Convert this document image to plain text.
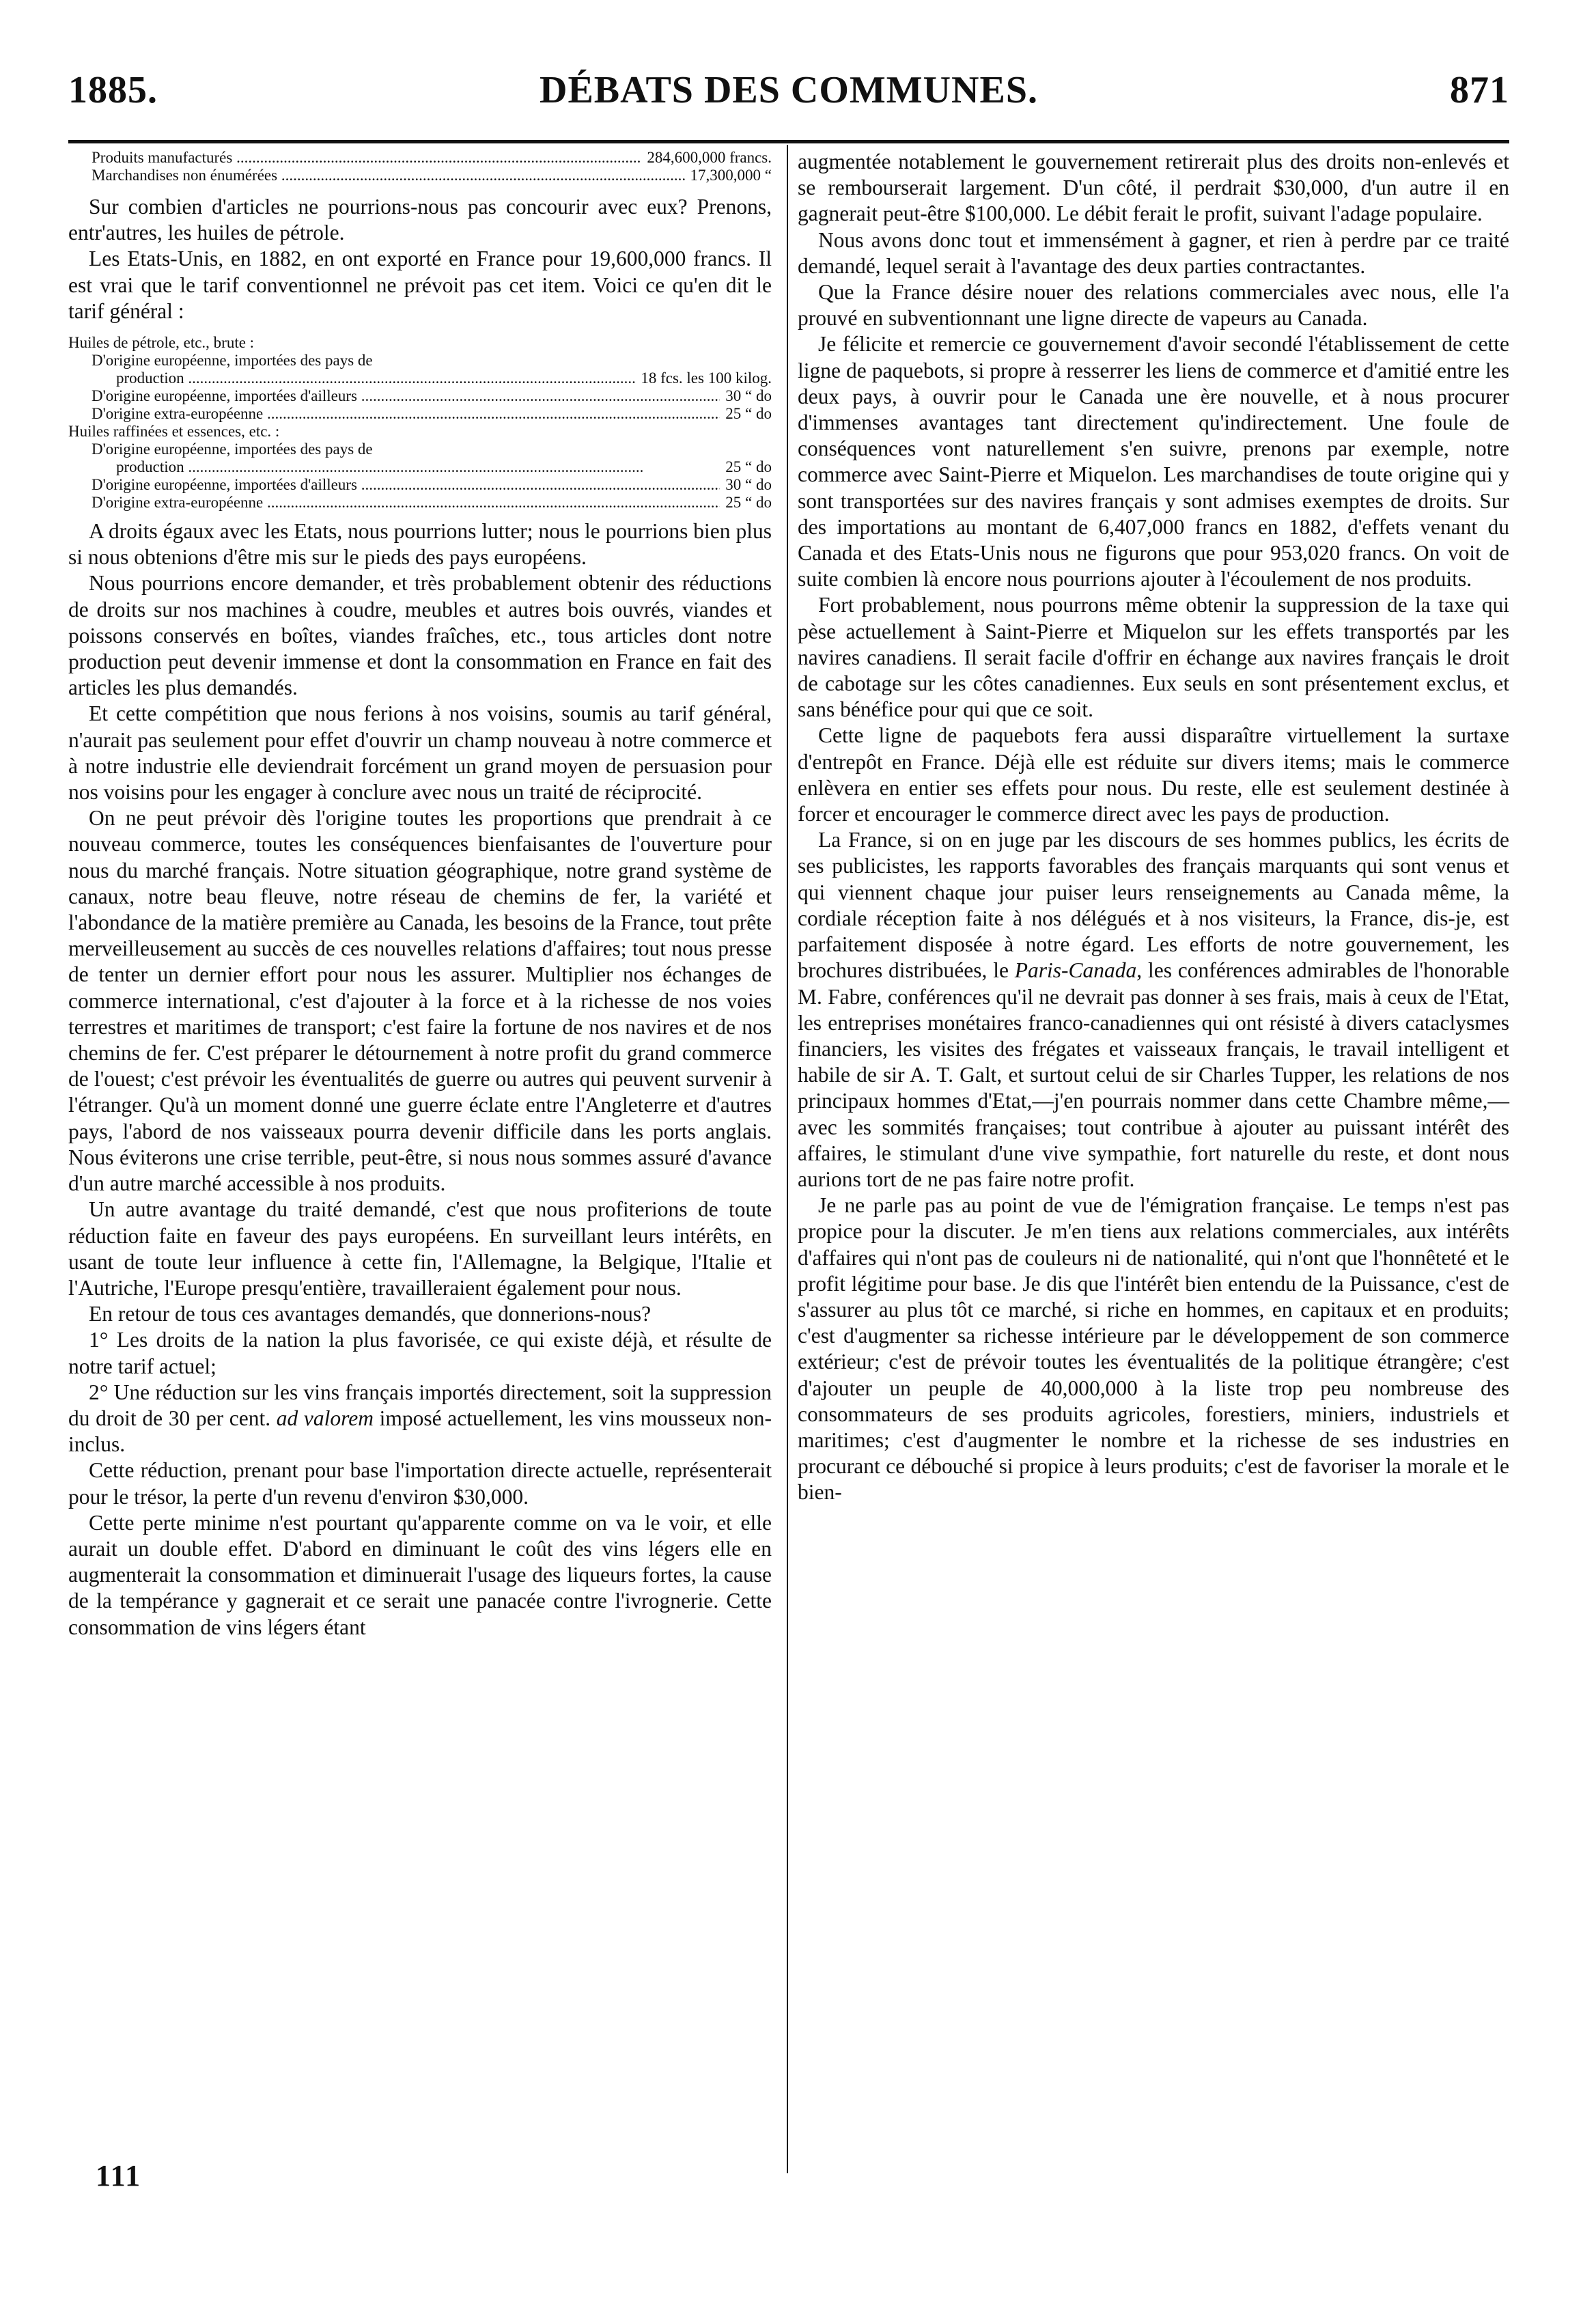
1885.	DÉBATS DES COMMUNES.	871
Produits manufacturés .....	284,600,000 francs.
Marchandises non énumérées .....	17,300,000 “

Sur combien d'articles ne pourrions-nous pas concourir avec eux? Prenons, entr'autres, les huiles de pétrole.

Les Etats-Unis, en 1882, en ont exporté en France pour 19,600,000 francs. Il est vrai que le tarif conventionnel ne prévoit pas cet item. Voici ce qu'en dit le tarif général :

Huiles de pétrole, etc., brute :
D'origine européenne, importées des pays de
production .....	18 fcs. les 100 kilog.
D'origine européenne, importées d'ailleurs .....	30 “ do
D'origine extra-européenne .....	25 “ do
Huiles raffinées et essences, etc. :
D'origine européenne, importées des pays de
production .....	25 “ do
D'origine européenne, importées d'ailleurs .....	30 “ do
D'origine extra-européenne .....	25 “ do

A droits égaux avec les Etats, nous pourrions lutter; nous le pourrions bien plus si nous obtenions d'être mis sur le pieds des pays européens.

Nous pourrions encore demander, et très probablement obtenir des réductions de droits sur nos machines à coudre, meubles et autres bois ouvrés, viandes et poissons conservés en boîtes, viandes fraîches, etc., tous articles dont notre production peut devenir immense et dont la consommation en France en fait des articles les plus demandés.

Et cette compétition que nous ferions à nos voisins, soumis au tarif général, n'aurait pas seulement pour effet d'ouvrir un champ nouveau à notre commerce et à notre industrie elle deviendrait forcément un grand moyen de persuasion pour nos voisins pour les engager à conclure avec nous un traité de réciprocité.

On ne peut prévoir dès l'origine toutes les proportions que prendrait à ce nouveau commerce, toutes les conséquences bienfaisantes de l'ouverture pour nous du marché français. Notre situation géographique, notre grand système de canaux, notre beau fleuve, notre réseau de chemins de fer, la variété et l'abondance de la matière première au Canada, les besoins de la France, tout prête merveilleusement au succès de ces nouvelles relations d'affaires; tout nous presse de tenter un dernier effort pour nous les assurer. Multiplier nos échanges de commerce international, c'est d'ajouter à la force et à la richesse de nos voies terrestres et maritimes de transport; c'est faire la fortune de nos navires et de nos chemins de fer. C'est préparer le détournement à notre profit du grand commerce de l'ouest; c'est prévoir les éventualités de guerre ou autres qui peuvent survenir à l'étranger. Qu'à un moment donné une guerre éclate entre l'Angleterre et d'autres pays, l'abord de nos vaisseaux pourra devenir difficile dans les ports anglais. Nous éviterons une crise terrible, peut-être, si nous nous sommes assuré d'avance d'un autre marché accessible à nos produits.

Un autre avantage du traité demandé, c'est que nous profiterions de toute réduction faite en faveur des pays européens. En surveillant leurs intérêts, en usant de toute leur influence à cette fin, l'Allemagne, la Belgique, l'Italie et l'Autriche, l'Europe presqu'entière, travailleraient également pour nous.

En retour de tous ces avantages demandés, que donnerions-nous?

1° Les droits de la nation la plus favorisée, ce qui existe déjà, et résulte de notre tarif actuel;

2° Une réduction sur les vins français importés directement, soit la suppression du droit de 30 per cent. ad valorem imposé actuellement, les vins mousseux non-inclus.

Cette réduction, prenant pour base l'importation directe actuelle, représenterait pour le trésor, la perte d'un revenu d'environ $30,000.

Cette perte minime n'est pourtant qu'apparente comme on va le voir, et elle aurait un double effet. D'abord en diminuant le coût des vins légers elle en augmenterait la consommation et diminuerait l'usage des liqueurs fortes, la cause de la tempérance y gagnerait et ce serait une panacée contre l'ivrognerie. Cette consommation de vins légers étant

111

augmentée notablement le gouvernement retirerait plus des droits non-enlevés et se rembourserait largement. D'un côté, il perdrait $30,000, d'un autre il en gagnerait peut-être $100,000. Le débit ferait le profit, suivant l'adage populaire.

Nous avons donc tout et immensément à gagner, et rien à perdre par ce traité demandé, lequel serait à l'avantage des deux parties contractantes.

Que la France désire nouer des relations commerciales avec nous, elle l'a prouvé en subventionnant une ligne directe de vapeurs au Canada.

Je félicite et remercie ce gouvernement d'avoir secondé l'établissement de cette ligne de paquebots, si propre à resserrer les liens de commerce et d'amitié entre les deux pays, à ouvrir pour le Canada une ère nouvelle, et à nous procurer d'immenses avantages tant directement qu'indirectement. Une foule de conséquences vont naturellement s'en suivre, prenons par exemple, notre commerce avec Saint-Pierre et Miquelon. Les marchandises de toute origine qui y sont transportées sur des navires français y sont admises exemptes de droits. Sur des importations au montant de 6,407,000 francs en 1882, d'effets venant du Canada et des Etats-Unis nous ne figurons que pour 953,020 francs. On voit de suite combien là encore nous pourrions ajouter à l'écoulement de nos produits.

Fort probablement, nous pourrons même obtenir la suppression de la taxe qui pèse actuellement à Saint-Pierre et Miquelon sur les effets transportés par les navires canadiens. Il serait facile d'offrir en échange aux navires français le droit de cabotage sur les côtes canadiennes. Eux seuls en sont présentement exclus, et sans bénéfice pour qui que ce soit.

Cette ligne de paquebots fera aussi disparaître virtuellement la surtaxe d'entrepôt en France. Déjà elle est réduite sur divers items; mais le commerce enlèvera en entier ses effets pour nous. Du reste, elle est seulement destinée à forcer et encourager le commerce direct avec les pays de production.

La France, si on en juge par les discours de ses hommes publics, les écrits de ses publicistes, les rapports favorables des français marquants qui sont venus et qui viennent chaque jour puiser leurs renseignements au Canada même, la cordiale réception faite à nos délégués et à nos visiteurs, la France, dis-je, est parfaitement disposée à notre égard. Les efforts de notre gouvernement, les brochures distribuées, le Paris-Canada, les conférences admirables de l'honorable M. Fabre, conférences qu'il ne devrait pas donner à ses frais, mais à ceux de l'Etat, les entreprises monétaires franco-canadiennes qui ont résisté à divers cataclysmes financiers, les visites des frégates et vaisseaux français, le travail intelligent et habile de sir A. T. Galt, et surtout celui de sir Charles Tupper, les relations de nos principaux hommes d'Etat,—j'en pourrais nommer dans cette Chambre même,—avec les sommités françaises; tout contribue à ajouter au puissant intérêt des affaires, le stimulant d'une vive sympathie, fort naturelle du reste, et dont nous aurions tort de ne pas faire notre profit.

Je ne parle pas au point de vue de l'émigration française. Le temps n'est pas propice pour la discuter. Je m'en tiens aux relations commerciales, aux intérêts d'affaires qui n'ont pas de couleurs ni de nationalité, qui n'ont que l'honnêteté et le profit légitime pour base. Je dis que l'intérêt bien entendu de la Puissance, c'est de s'assurer au plus tôt ce marché, si riche en hommes, en capitaux et en produits; c'est d'augmenter sa richesse intérieure par le développement de son commerce extérieur; c'est de prévoir toutes les éventualités de la politique étrangère; c'est d'ajouter un peuple de 40,000,000 à la liste trop peu nombreuse des consommateurs de ses produits agricoles, forestiers, miniers, industriels et maritimes; c'est d'augmenter le nombre et la richesse de ses industries en procurant ce débouché si propice à leurs produits; c'est de favoriser la morale et le bien-
